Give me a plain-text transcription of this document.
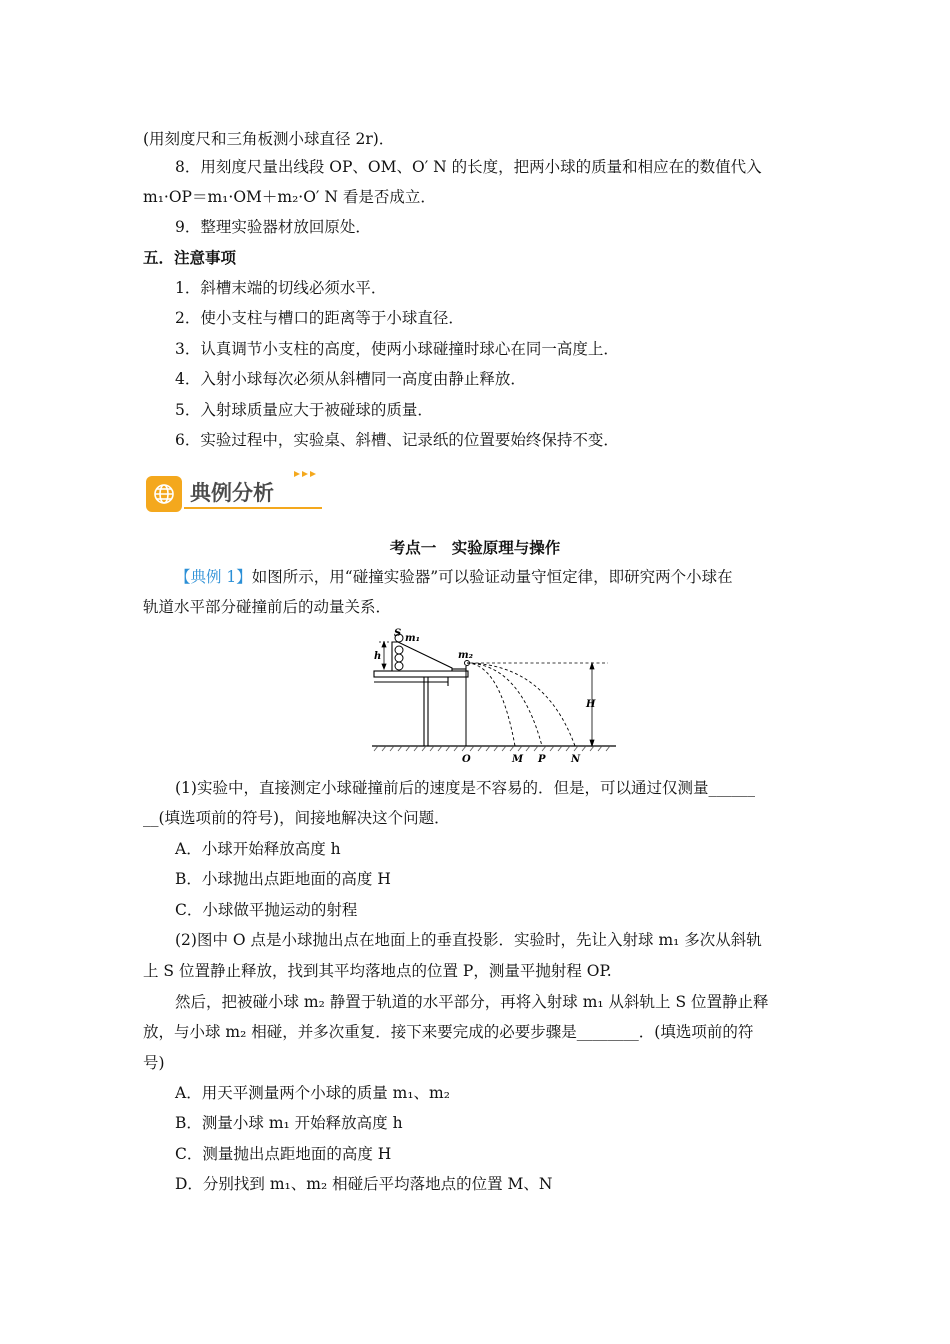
(用刻度尺和三角板测小球直径 2r)．
8．用刻度尺量出线段 OP、OM、O′ N 的长度，把两小球的质量和相应在的数值代入
m₁·OP＝m₁·OM＋m₂·O′ N 看是否成立．
9．整理实验器材放回原处．
五．注意事项
1．斜槽末端的切线必须水平．
2．使小支柱与槽口的距离等于小球直径．
3．认真调节小支柱的高度，使两小球碰撞时球心在同一高度上．
4．入射小球每次必须从斜槽同一高度由静止释放．
5．入射球质量应大于被碰球的质量．
6．实验过程中，实验桌、斜槽、记录纸的位置要始终保持不变．
典例分析
考点一　实验原理与操作
【典例 1】如图所示，用“碰撞实验器”可以验证动量守恒定律，即研究两个小球在
轨道水平部分碰撞前后的动量关系．
S m₁
h	m₂
H
O	M P	N
(1)实验中，直接测定小球碰撞前后的速度是不容易的．但是，可以通过仅测量______
__(填选项前的符号)，间接地解决这个问题．
A．小球开始释放高度 h
B．小球抛出点距地面的高度 H
C．小球做平抛运动的射程
(2)图中 O 点是小球抛出点在地面上的垂直投影．实验时，先让入射球 m₁ 多次从斜轨
上 S 位置静止释放，找到其平均落地点的位置 P，测量平抛射程 OP.
然后，把被碰小球 m₂ 静置于轨道的水平部分，再将入射球 m₁ 从斜轨上 S 位置静止释
放，与小球 m₂ 相碰，并多次重复．接下来要完成的必要步骤是________．(填选项前的符
号)
A．用天平测量两个小球的质量 m₁、m₂
B．测量小球 m₁ 开始释放高度 h
C．测量抛出点距地面的高度 H
D．分别找到 m₁、m₂ 相碰后平均落地点的位置 M、N
